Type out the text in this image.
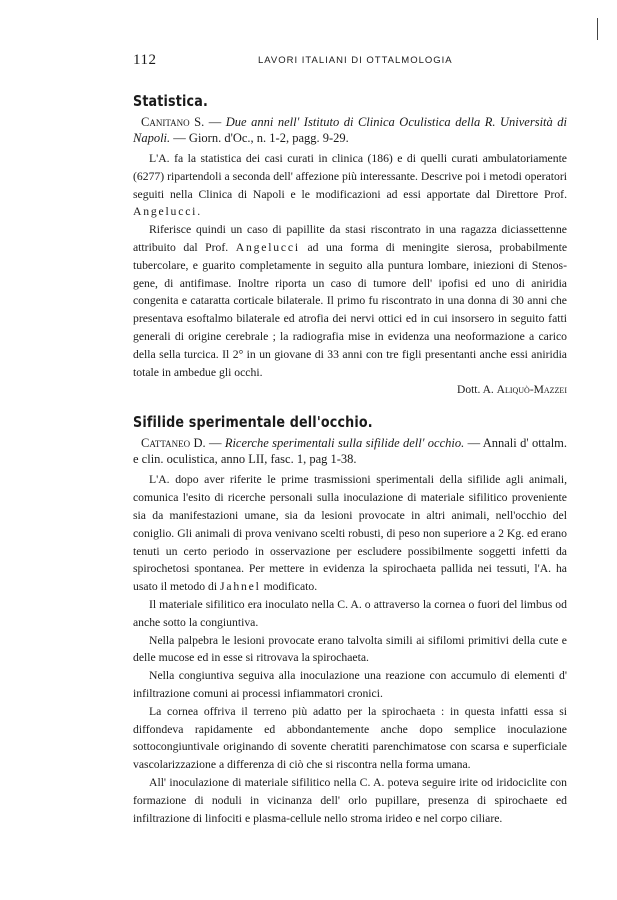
112	LAVORI ITALIANI DI OTTALMOLOGIA
Statistica.

Canitano S. — Due anni nell' Istituto di Clinica Oculistica della R. Università di Napoli. — Giorn. d'Oc., n. 1-2, pagg. 9-29.

L'A. fa la statistica dei casi curati in clinica (186) e di quelli curati ambulatoriamente (6277) ripartendoli a seconda dell' affezione più interessante. Descrive poi i metodi operatori seguiti nella Clinica di Napoli e le modificazioni ad essi apportate dal Direttore Prof. Angelucci.

Riferisce quindi un caso di papillite da stasi riscontrato in una ragazza diciassettenne attribuito dal Prof. Angelucci ad una forma di meningite sierosa, probabilmente tubercolare, e guarito completamente in seguito alla puntura lombare, iniezioni di Stenos-gene, di antifimase. Inoltre riporta un caso di tumore dell' ipofisi ed uno di aniridia congenita e cataratta corticale bilaterale. Il primo fu riscontrato in una donna di 30 anni che presentava esoftalmo bilaterale ed atrofia dei nervi ottici ed in cui insorsero in seguito fatti generali di origine cerebrale ; la radiografia mise in evidenza una neoformazione a carico della sella turcica. Il 2° in un giovane di 33 anni con tre figli presentanti anche essi aniridia totale in ambedue gli occhi.

Dott. A. Aliquò-Mazzei

Sifilide sperimentale dell'occhio.

Cattaneo D. — Ricerche sperimentali sulla sifilide dell' occhio. — Annali d' ottalm. e clin. oculistica, anno LII, fasc. 1, pag 1-38.

L'A. dopo aver riferite le prime trasmissioni sperimentali della sifilide agli animali, comunica l'esito di ricerche personali sulla inoculazione di materiale sifilitico proveniente sia da manifestazioni umane, sia da lesioni provocate in altri animali, nell'occhio del coniglio. Gli animali di prova venivano scelti robusti, di peso non superiore a 2 Kg. ed erano tenuti un certo periodo in osservazione per escludere possibilmente soggetti infetti da spirochetosi spontanea. Per mettere in evidenza la spirochaeta pallida nei tessuti, l'A. ha usato il metodo di Jahnel modificato.

Il materiale sifilitico era inoculato nella C. A. o attraverso la cornea o fuori del limbus od anche sotto la congiuntiva.

Nella palpebra le lesioni provocate erano talvolta simili ai sifilomi primitivi della cute e delle mucose ed in esse si ritrovava la spirochaeta.

Nella congiuntiva seguiva alla inoculazione una reazione con accumulo di elementi d' infiltrazione comuni ai processi infiammatori cronici.

La cornea offriva il terreno più adatto per la spirochaeta : in questa infatti essa si diffondeva rapidamente ed abbondantemente anche dopo semplice inoculazione sottocongiuntivale originando di sovente cheratiti parenchimatose con scarsa e superficiale vascolarizzazione a differenza di ciò che si riscontra nella forma umana.

All' inoculazione di materiale sifilitico nella C. A. poteva seguire irite od iridociclite con formazione di noduli in vicinanza dell' orlo pupillare, presenza di spirochaete ed infiltrazione di linfociti e plasma-cellule nello stroma irideo e nel corpo ciliare.
